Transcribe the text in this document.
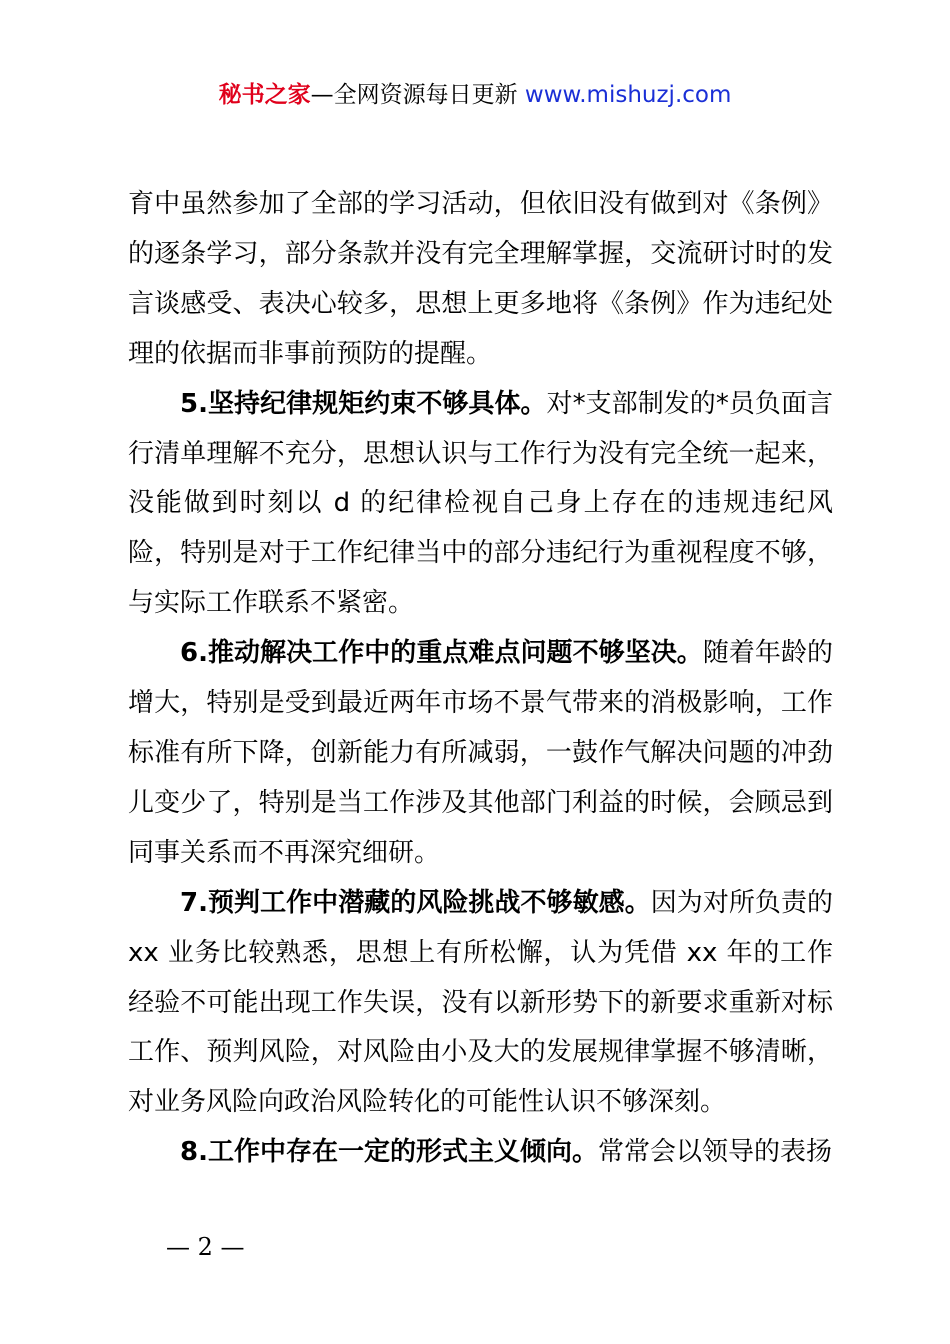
秘书之家—全网资源每日更新 www.mishuzj.com

育中虽然参加了全部的学习活动，但依旧没有做到对《条例》的逐条学习，部分条款并没有完全理解掌握，交流研讨时的发言谈感受、表决心较多，思想上更多地将《条例》作为违纪处理的依据而非事前预防的提醒。

5.坚持纪律规矩约束不够具体。对*支部制发的*员负面言行清单理解不充分，思想认识与工作行为没有完全统一起来，没能做到时刻以 d 的纪律检视自己身上存在的违规违纪风险，特别是对于工作纪律当中的部分违纪行为重视程度不够，与实际工作联系不紧密。

6.推动解决工作中的重点难点问题不够坚决。随着年龄的增大，特别是受到最近两年市场不景气带来的消极影响，工作标准有所下降，创新能力有所减弱，一鼓作气解决问题的冲劲儿变少了，特别是当工作涉及其他部门利益的时候，会顾忌到同事关系而不再深究细研。

7.预判工作中潜藏的风险挑战不够敏感。因为对所负责的 xx 业务比较熟悉，思想上有所松懈，认为凭借 xx 年的工作经验不可能出现工作失误，没有以新形势下的新要求重新对标工作、预判风险，对风险由小及大的发展规律掌握不够清晰，对业务风险向政治风险转化的可能性认识不够深刻。

8.工作中存在一定的形式主义倾向。常常会以领导的表扬

— 2 —
